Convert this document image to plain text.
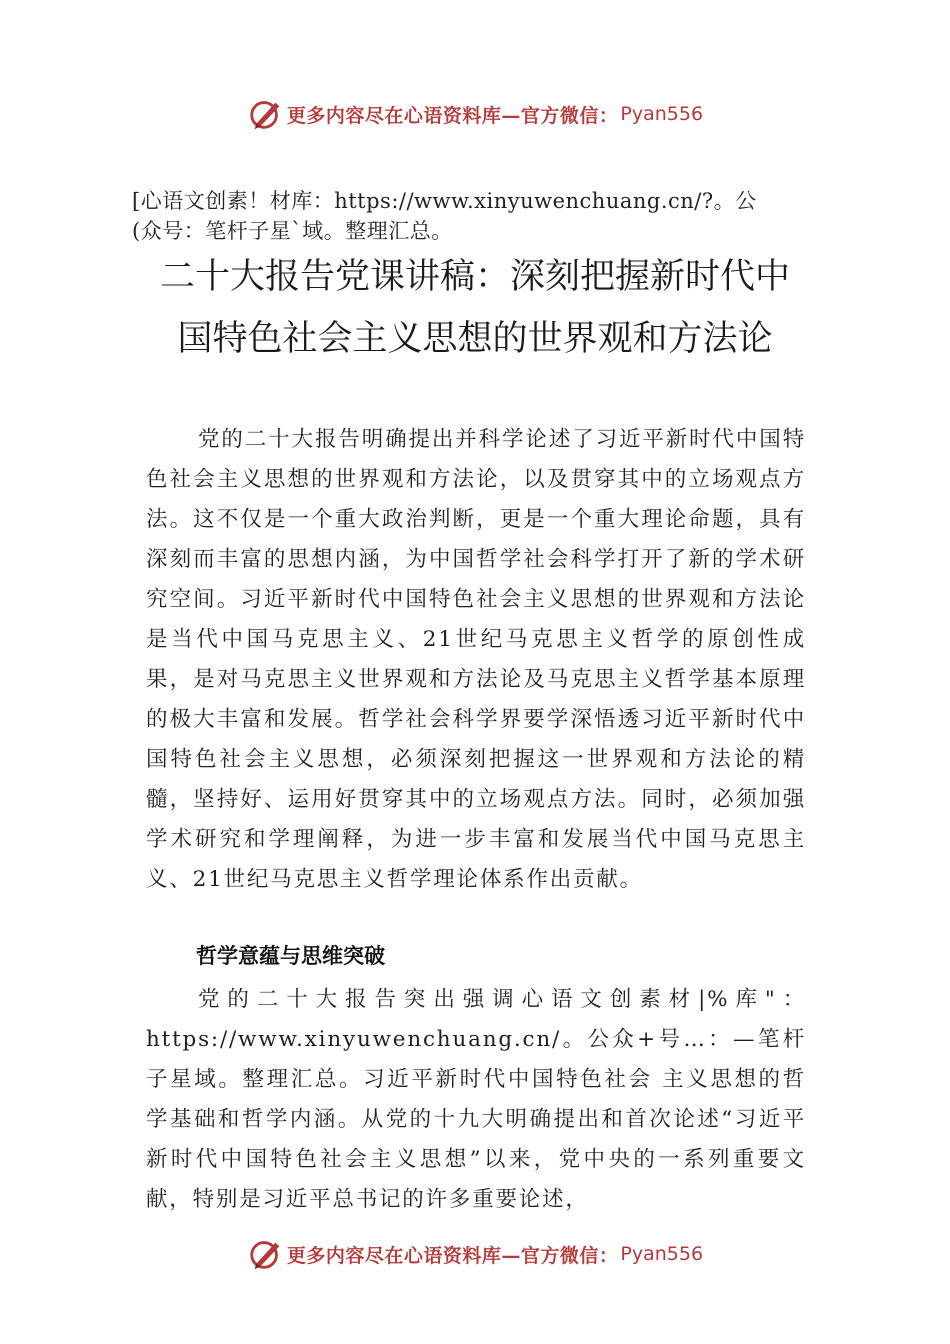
更多内容尽在心语资料库—官方微信： Pyan556
[心语文创素！材库：https://www.xinyuwenchuang.cn/?。公
(众号：笔杆子星`域。整理汇总。
二十大报告党课讲稿：深刻把握新时代中
国特色社会主义思想的世界观和方法论
党的二十大报告明确提出并科学论述了习近平新时代中国特色社会主义思想的世界观和方法论，以及贯穿其中的立场观点方法。这不仅是一个重大政治判断，更是一个重大理论命题，具有深刻而丰富的思想内涵，为中国哲学社会科学打开了新的学术研究空间。习近平新时代中国特色社会主义思想的世界观和方法论是当代中国马克思主义、21世纪马克思主义哲学的原创性成果，是对马克思主义世界观和方法论及马克思主义哲学基本原理的极大丰富和发展。哲学社会科学界要学深悟透习近平新时代中国特色社会主义思想，必须深刻把握这一世界观和方法论的精髓，坚持好、运用好贯穿其中的立场观点方法。同时，必须加强学术研究和学理阐释，为进一步丰富和发展当代中国马克思主义、21世纪马克思主义哲学理论体系作出贡献。
哲学意蕴与思维突破
党的二十大报告突出强调心语文创素材|%库"：https://www.xinyuwenchuang.cn/。公众+号…：—笔杆子星域。整理汇总。习近平新时代中国特色社会 主义思想的哲学基础和哲学内涵。从党的十九大明确提出和首次论述“习近平新时代中国特色社会主义思想”以来，党中央的一系列重要文献，特别是习近平总书记的许多重要论述，
更多内容尽在心语资料库—官方微信： Pyan556
